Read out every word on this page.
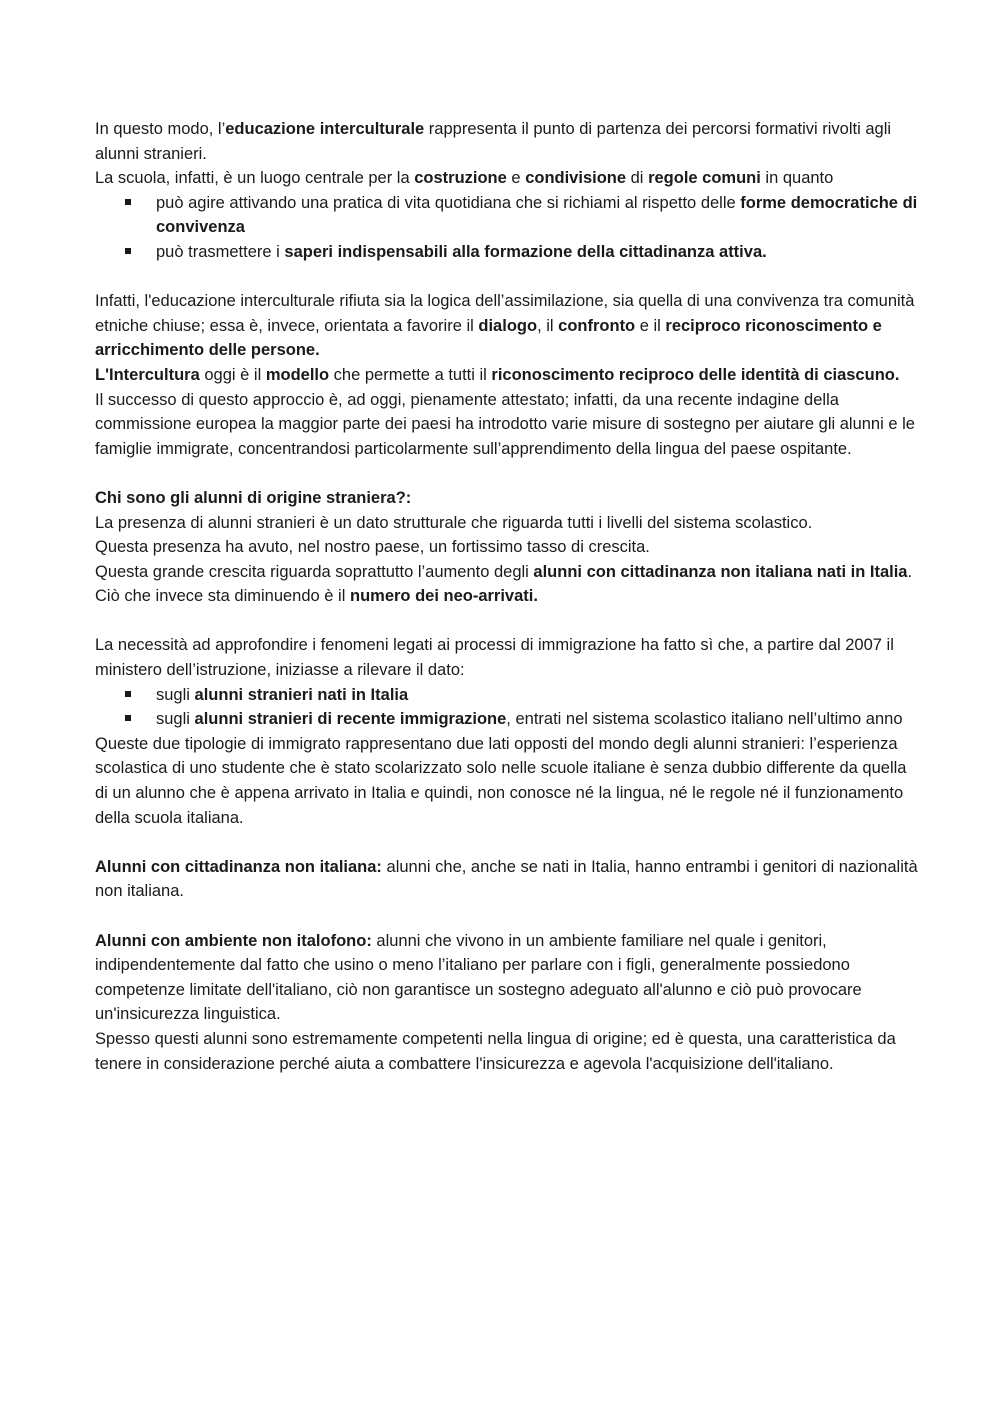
In questo modo, l’educazione interculturale rappresenta il punto di partenza dei percorsi formativi rivolti agli alunni stranieri.

La scuola, infatti, è un luogo centrale per la costruzione e condivisione di regole comuni in quanto

può agire attivando una pratica di vita quotidiana che si richiami al rispetto delle forme democratiche di convivenza
può trasmettere i saperi indispensabili alla formazione della cittadinanza attiva.

Infatti, l'educazione interculturale rifiuta sia la logica dell’assimilazione, sia quella di una convivenza tra comunità etniche chiuse; essa è, invece, orientata a favorire il dialogo, il confronto e il reciproco riconoscimento e arricchimento delle persone.

L'Intercultura oggi è il modello che permette a tutti il riconoscimento reciproco delle identità di ciascuno.

Il successo di questo approccio è, ad oggi, pienamente attestato; infatti, da una recente indagine della commissione europea la maggior parte dei paesi ha introdotto varie misure di sostegno per aiutare gli alunni e le famiglie immigrate, concentrandosi particolarmente sull’apprendimento della lingua del paese ospitante.

Chi sono gli alunni di origine straniera?:

La presenza di alunni stranieri è un dato strutturale che riguarda tutti i livelli del sistema scolastico.

Questa presenza ha avuto, nel nostro paese, un fortissimo tasso di crescita.

Questa grande crescita riguarda soprattutto l’aumento degli alunni con cittadinanza non italiana nati in Italia.

Ciò che invece sta diminuendo è il numero dei neo-arrivati.

La necessità ad approfondire i fenomeni legati ai processi di immigrazione ha fatto sì che, a partire dal 2007 il ministero dell’istruzione, iniziasse a rilevare il dato:

sugli alunni stranieri nati in Italia
sugli alunni stranieri di recente immigrazione, entrati nel sistema scolastico italiano nell’ultimo anno

Queste due tipologie di immigrato rappresentano due lati opposti del mondo degli alunni stranieri: l’esperienza scolastica di uno studente che è stato scolarizzato solo nelle scuole italiane è senza dubbio differente da quella di un alunno che è appena arrivato in Italia e quindi, non conosce né la lingua, né le regole né il funzionamento della scuola italiana.

Alunni con cittadinanza non italiana: alunni che, anche se nati in Italia, hanno entrambi i genitori di nazionalità non italiana.

Alunni con ambiente non italofono: alunni che vivono in un ambiente familiare nel quale i genitori, indipendentemente dal fatto che usino o meno l’italiano per parlare con i figli, generalmente possiedono competenze limitate dell'italiano, ciò non garantisce un sostegno adeguato all'alunno e ciò può provocare un'insicurezza linguistica.

Spesso questi alunni sono estremamente competenti nella lingua di origine; ed è questa, una caratteristica da tenere in considerazione perché aiuta a combattere l'insicurezza e agevola l'acquisizione dell'italiano.
